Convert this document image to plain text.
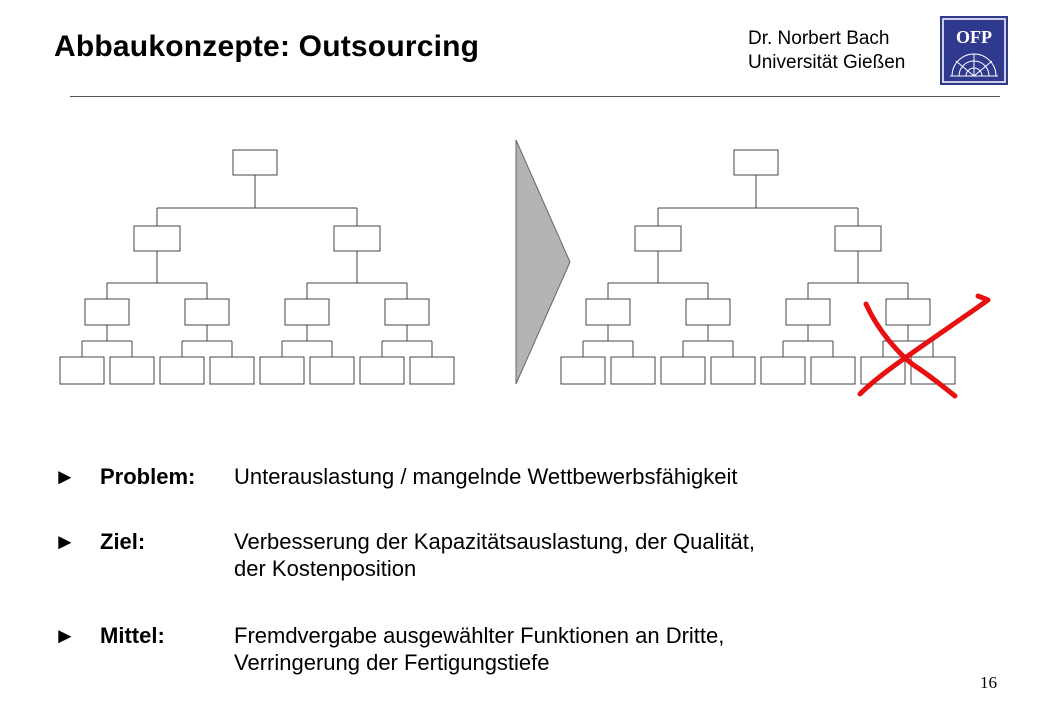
Abbaukonzepte: Outsourcing	Dr. Norbert Bach
Universität Gießen
OFP
► Problem: Unterauslastung / mangelnde Wettbewerbsfähigkeit
► Ziel:	Verbesserung der Kapazitätsauslastung, der Qualität,
der Kostenposition
► Mittel:	Fremdvergabe ausgewählter Funktionen an Dritte,
Verringerung der Fertigungstiefe
16
